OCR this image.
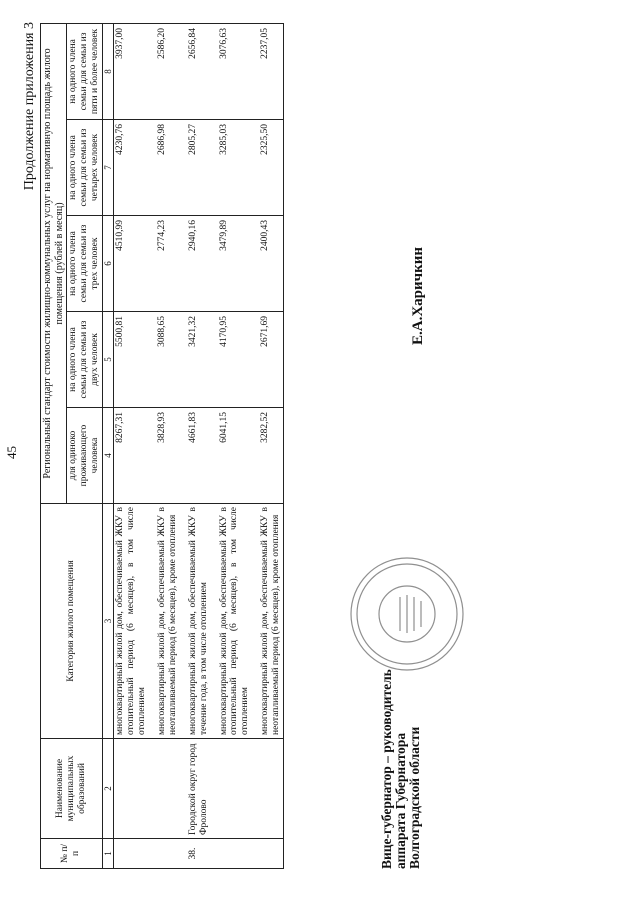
45
Продолжение приложения 3
№ п/п	Наименование муниципальных образований	Категория жилого помещения	Региональный стандарт стоимости жилищно-коммунальных услуг на нормативную площадь жилого помещения (рублей в месяц)				
			для одиноко проживающего человека	на одного члена семьи для семьи из двух человек	на одного члена семьи для семьи из трех человек	на одного члена семьи для семьи из четырех человек	на одного члена семьи для семьи из пяти и более человек
1	2	3	4	5	6	7	8
		многоквартирный жилой дом, обеспечиваемый ЖКУ в отопительный период (6 месяцев), в том числе отоплением	8267,31	5500,81	4510,99	4230,76	3937,00
		многоквартирный жилой дом, обеспечиваемый ЖКУ в неотапливаемый период (6 месяцев), кроме отопления	3828,93	3088,65	2774,23	2686,98	2586,20
38.	Городской округ город Фролово	многоквартирный жилой дом, обеспечиваемый ЖКУ в течение года, в том числе отоплением	4661,83	3421,32	2940,16	2805,27	2656,84
		многоквартирный жилой дом, обеспечиваемый ЖКУ в отопительный период (6 месяцев), в том числе отоплением	6041,15	4170,95	3479,89	3285,03	3076,63
		многоквартирный жилой дом, обеспечиваемый ЖКУ в неотапливаемый период (6 месяцев), кроме отопления	3282,52	2671,69	2400,43	2325,50	2237,05
Вице-губернатор – руководитель аппарата Губернатора Волгоградской области
Е.А.Харичкин
